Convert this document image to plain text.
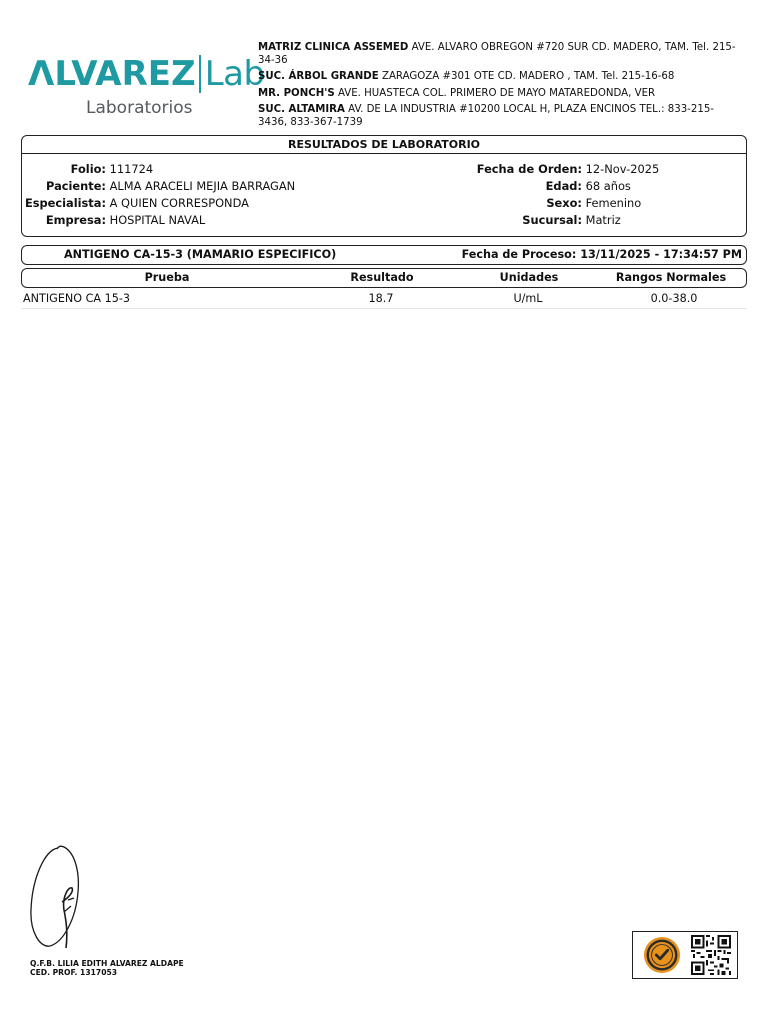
ΛLVAREZ Lab
Laboratorios
MATRIZ CLINICA ASSEMED AVE. ALVARO OBREGON #720 SUR CD. MADERO, TAM. Tel. 215-34-36
SUC. ÁRBOL GRANDE ZARAGOZA #301 OTE CD. MADERO , TAM. Tel. 215-16-68
MR. PONCH'S AVE. HUASTECA COL. PRIMERO DE MAYO MATAREDONDA, VER
SUC. ALTAMIRA AV. DE LA INDUSTRIA #10200 LOCAL H, PLAZA ENCINOS TEL.: 833-215-3436, 833-367-1739
RESULTADOS DE LABORATORIO
Folio: 111724
Paciente: ALMA ARACELI MEJIA BARRAGAN
Especialista: A QUIEN CORRESPONDA
Empresa: HOSPITAL NAVAL
Fecha de Orden: 12-Nov-2025
Edad: 68 años
Sexo: Femenino
Sucursal: Matriz
ANTIGENO CA-15-3 (MAMARIO ESPECIFICO)	Fecha de Proceso: 13/11/2025 - 17:34:57 PM
Prueba	Resultado	Unidades	Rangos Normales
ANTIGENO CA 15-3	18.7	U/mL	0.0-38.0
Q.F.B. LILIA EDITH ALVAREZ ALDAPE
CED. PROF. 1317053
